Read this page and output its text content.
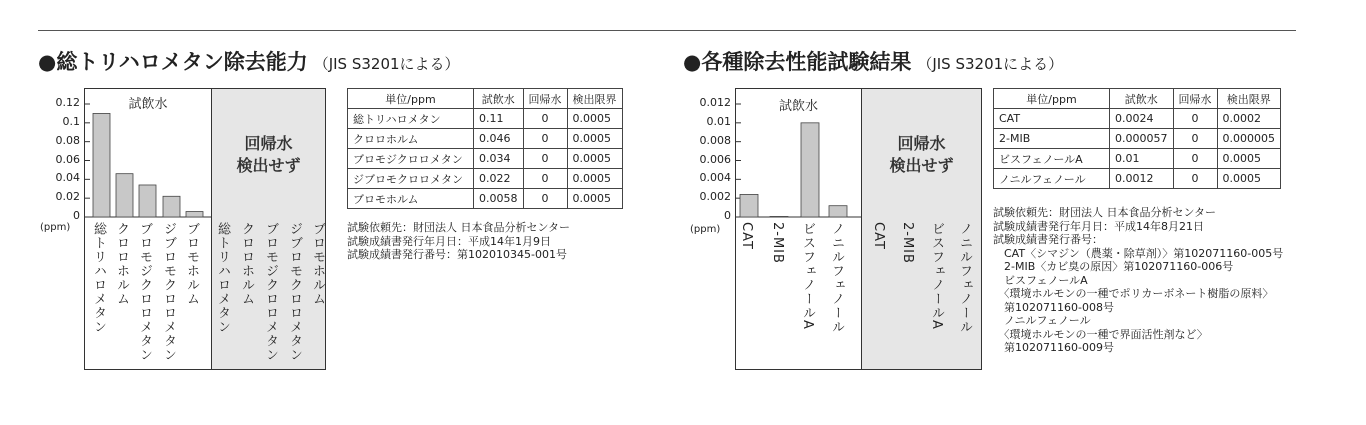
●総トリハロメタン除去能力 （JIS S3201による）
試飲水
回帰水
検出せず
0.12
0.1
0.08
0.06
0.04
0.02
0
(ppm) 総トリハロメタン クロロホルム ブロモジクロロメタン ジブロモクロロメタン ブロモホルム 総トリハロメタン クロロホルム ブロモジクロロメタン ジブロモクロロメタン ブロモホルム
単位/ppm	試飲水	回帰水	検出限界
総トリハロメタン	0.11	0	0.0005
クロロホルム	0.046	0	0.0005
ブロモジクロロメタン	0.034	0	0.0005
ジブロモクロロメタン	0.022	0	0.0005
ブロモホルム	0.0058	0	0.0005
試験依頼先：財団法人 日本食品分析センター
試験成績書発行年月日：平成14年1月9日
試験成績書発行番号：第102010345-001号
●各種除去性能試験結果 （JIS S3201による）
試飲水
回帰水
検出せず
0.012
0.01
0.008
0.006
0.004
0.002
0
(ppm) CAT 2-MIB ビスフェノールA ノニルフェノール CAT 2-MIB ビスフェノールA ノニルフェノール
単位/ppm	試飲水	回帰水	検出限界
CAT	0.0024	0	0.0002
2-MIB	0.000057	0	0.000005
ビスフェノールA	0.01	0	0.0005
ノニルフェノール	0.0012	0	0.0005
試験依頼先：財団法人 日本食品分析センター
試験成績書発行年月日：平成14年8月21日
試験成績書発行番号：
　CAT〈シマジン（農薬・除草剤）〉第102071160-005号
　2-MIB〈カビ臭の原因〉第102071160-006号
　ビスフェノールA
　〈環境ホルモンの一種でポリカーボネート樹脂の原料〉
　第102071160-008号
　ノニルフェノール
　〈環境ホルモンの一種で界面活性剤など〉
　第102071160-009号
